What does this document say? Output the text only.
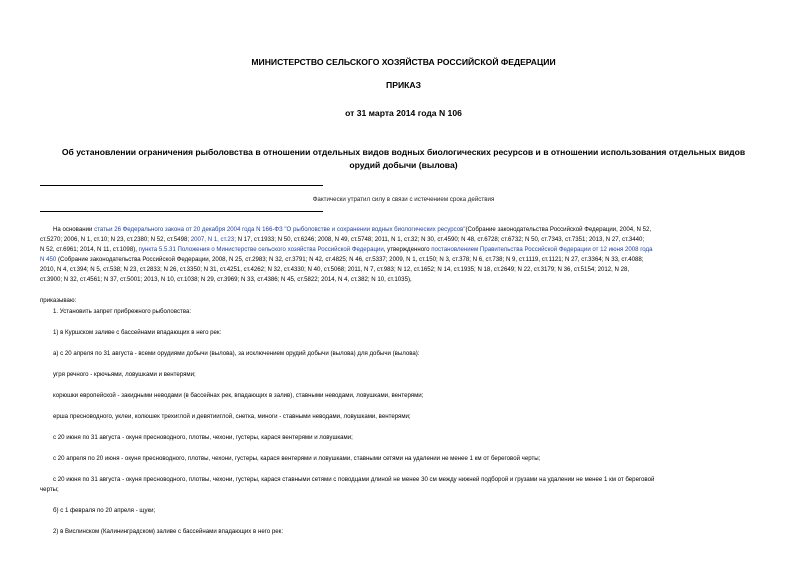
МИНИСТЕРСТВО СЕЛЬСКОГО ХОЗЯЙСТВА РОССИЙСКОЙ ФЕДЕРАЦИИ
ПРИКАЗ
от 31 марта 2014 года N 106
Об установлении ограничения рыболовства в отношении отдельных видов водных биологических ресурсов и в отношении использования отдельных видов
орудий добычи (вылова)
Фактически утратил силу в связи с истечением срока действия
На основании статьи 26 Федерального закона от 20 декабря 2004 года N 166-ФЗ "О рыболовстве и сохранении водных биологических ресурсов"(Собрание законодательства Российской Федерации, 2004, N 52,
ст.5270; 2006, N 1, ст.10; N 23, ст.2380; N 52, ст.5498; 2007, N 1, ст.23; N 17, ст.1933; N 50, ст.6246; 2008, N 49, ст.5748; 2011, N 1, ст.32; N 30, ст.4590; N 48, ст.6728; ст.6732; N 50, ст.7343, ст.7351; 2013, N 27, ст.3440;
N 52, ст.6961; 2014, N 11, ст.1098), пункта 5.5.31 Положения о Министерстве сельского хозяйства Российской Федерации, утвержденного постановлением Правительства Российской Федерации от 12 июня 2008 года
N 450 (Собрание законодательства Российской Федерации, 2008, N 25, ст.2983; N 32, ст.3791; N 42, ст.4825; N 46, ст.5337; 2009, N 1, ст.150; N 3, ст.378; N 6, ст.738; N 9, ст.1119, ст.1121; N 27, ст.3364; N 33, ст.4088;
2010, N 4, ст.394; N 5, ст.538; N 23, ст.2833; N 26, ст.3350; N 31, ст.4251, ст.4262; N 32, ст.4330; N 40, ст.5068; 2011, N 7, ст.983; N 12, ст.1652; N 14, ст.1935; N 18, ст.2649; N 22, ст.3179; N 36, ст.5154; 2012, N 28,
ст.3900; N 32, ст.4561; N 37, ст.5001; 2013, N 10, ст.1038; N 29, ст.3969; N 33, ст.4386; N 45, ст.5822; 2014, N 4, ст.382; N 10, ст.1035),
приказываю:
1. Установить запрет прибрежного рыболовства:
1) в Куршском заливе с бассейнами впадающих в него рек:
а) с 20 апреля по 31 августа - всеми орудиями добычи (вылова), за исключением орудий добычи (вылова) для добычи (вылова):
угря речного - крючьями, ловушками и вентерями;
корюшки европейской - закидными неводами (в бассейнах рек, впадающих в залив), ставными неводами, ловушками, вентерями;
ерша пресноводного, уклеи, колюшек трехиглой и девятииглой, снетка, миноги - ставными неводами, ловушками, вентерями;
с 20 июня по 31 августа - окуня пресноводного, плотвы, чехони, густеры, карася вентерями и ловушками;
с 20 апреля по 20 июня - окуня пресноводного, плотвы, чехони, густеры, карася вентерями и ловушками, ставными сетями на удалении не менее 1 км от береговой черты;
с 20 июня по 31 августа - окуня пресноводного, плотвы, чехони, густеры, карася ставными сетями с поводцами длиной не менее 30 см между нижней подборой и грузами на удалении не менее 1 км от береговой
черты;
б) с 1 февраля по 20 апреля - щуки;
2) в Вислинском (Калининградском) заливе с бассейнами впадающих в него рек:
